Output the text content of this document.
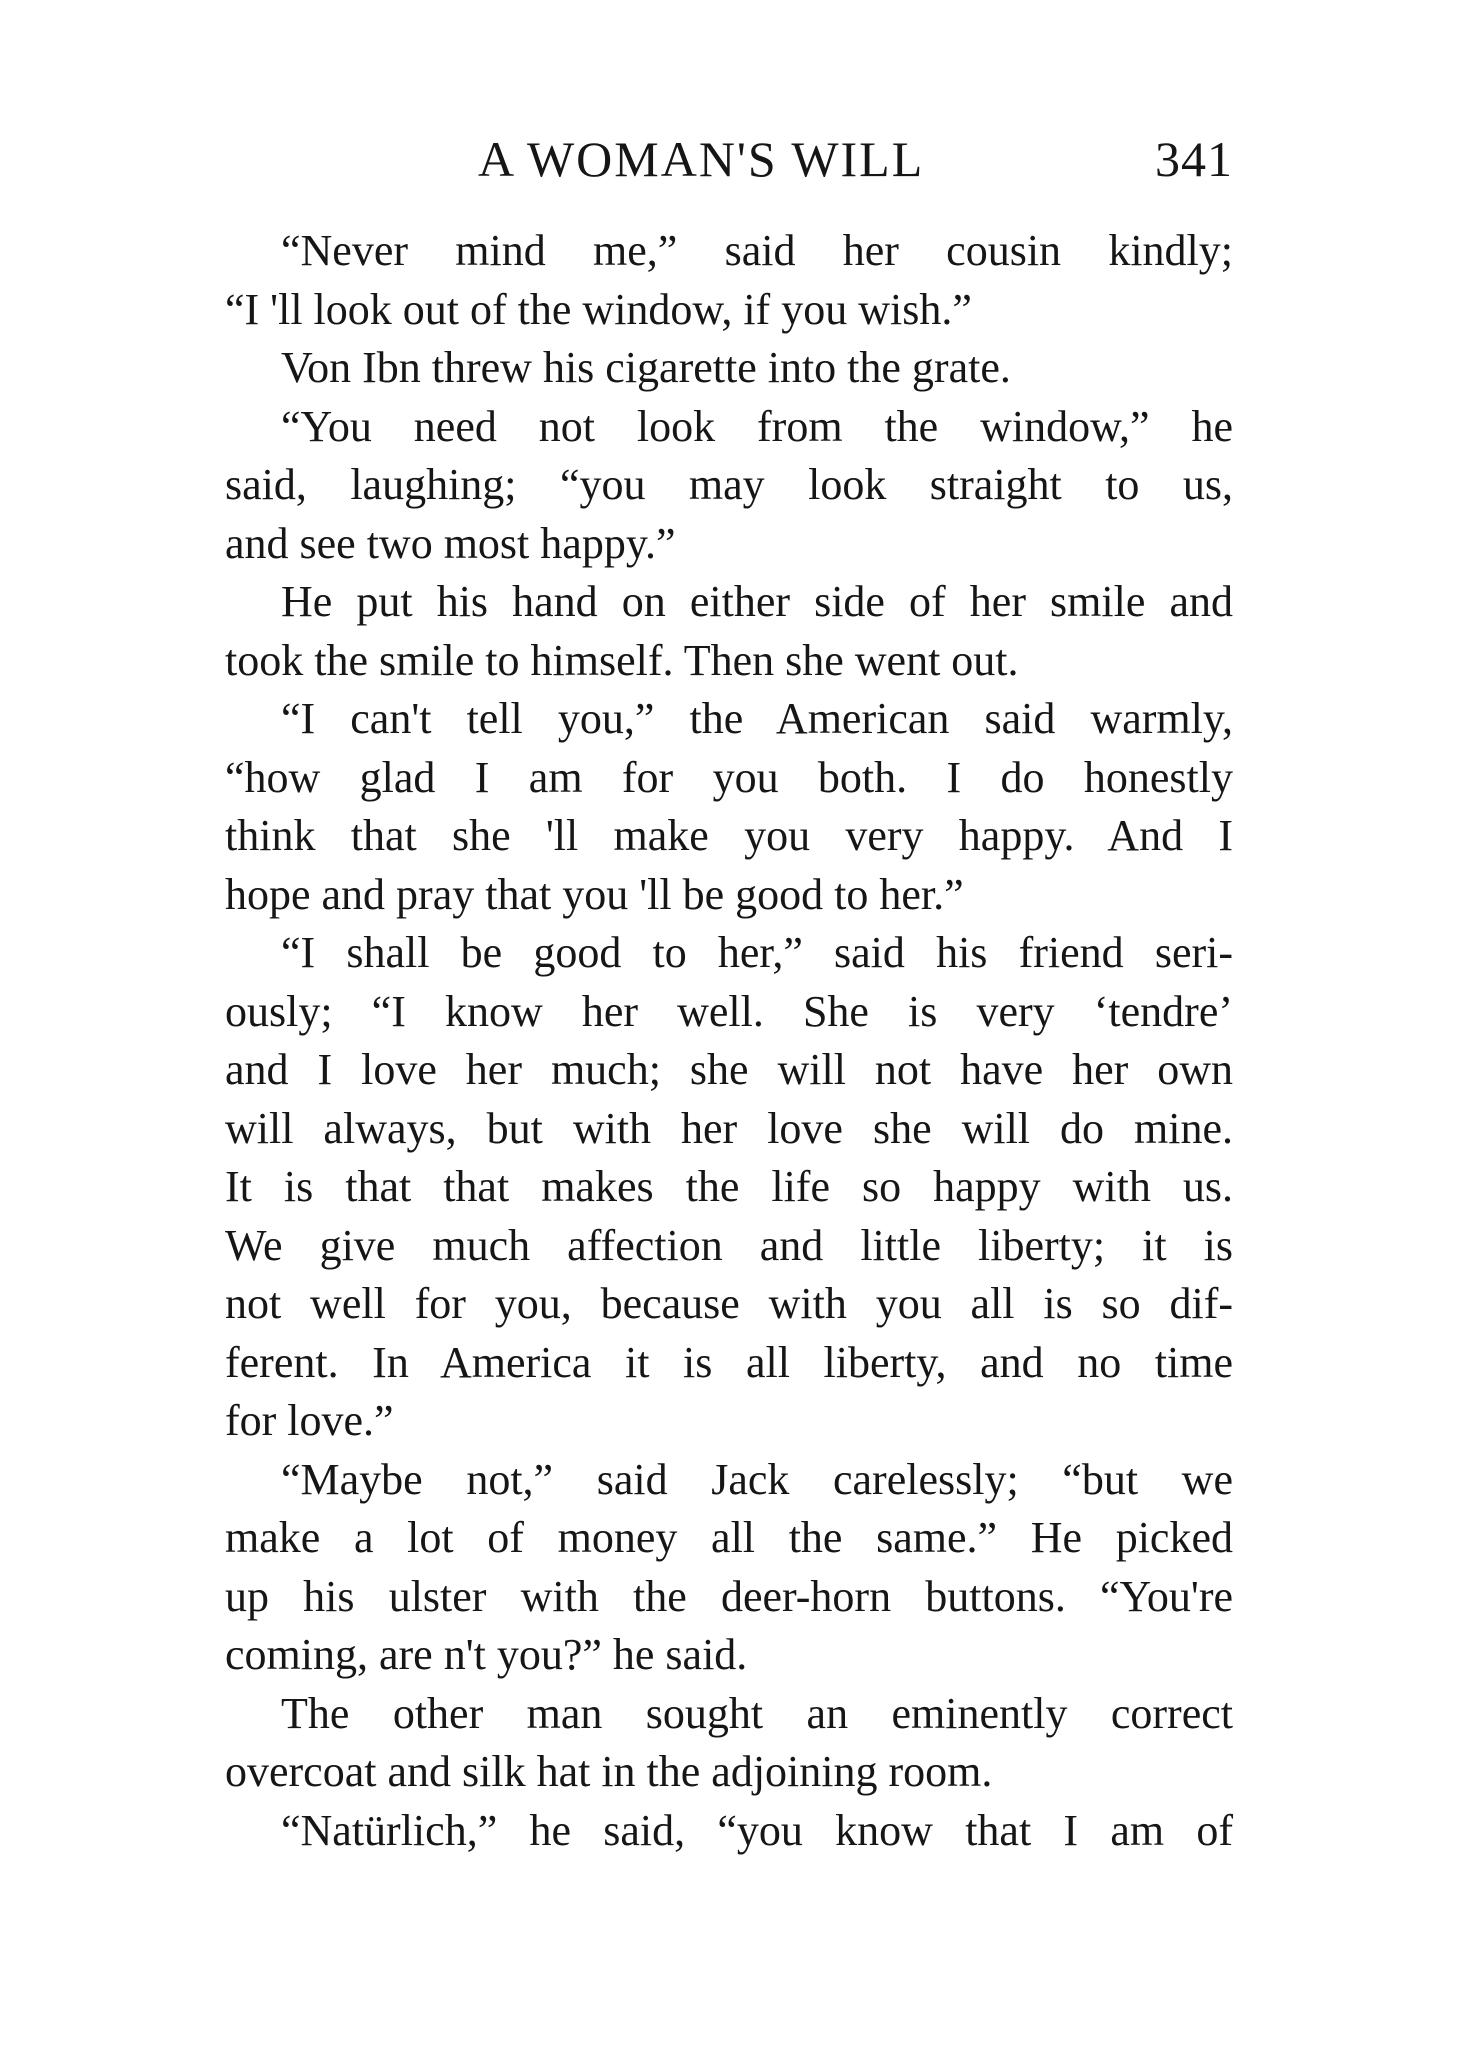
A WOMAN'S WILL	341
“Never mind me,” said her cousin kindly;
“I 'll look out of the window, if you wish.”
Von Ibn threw his cigarette into the grate.
“You need not look from the window,” he
said, laughing; “you may look straight to us,
and see two most happy.”
He put his hand on either side of her smile and
took the smile to himself. Then she went out.
“I can't tell you,” the American said warmly,
“how glad I am for you both. I do honestly
think that she 'll make you very happy. And I
hope and pray that you 'll be good to her.”
“I shall be good to her,” said his friend seri-
ously; “I know her well. She is very ‘tendre’
and I love her much; she will not have her own
will always, but with her love she will do mine.
It is that that makes the life so happy with us.
We give much affection and little liberty; it is
not well for you, because with you all is so dif-
ferent. In America it is all liberty, and no time
for love.”
“Maybe not,” said Jack carelessly; “but we
make a lot of money all the same.” He picked
up his ulster with the deer-horn buttons. “You're
coming, are n't you?” he said.
The other man sought an eminently correct
overcoat and silk hat in the adjoining room.
“Natürlich,” he said, “you know that I am of
